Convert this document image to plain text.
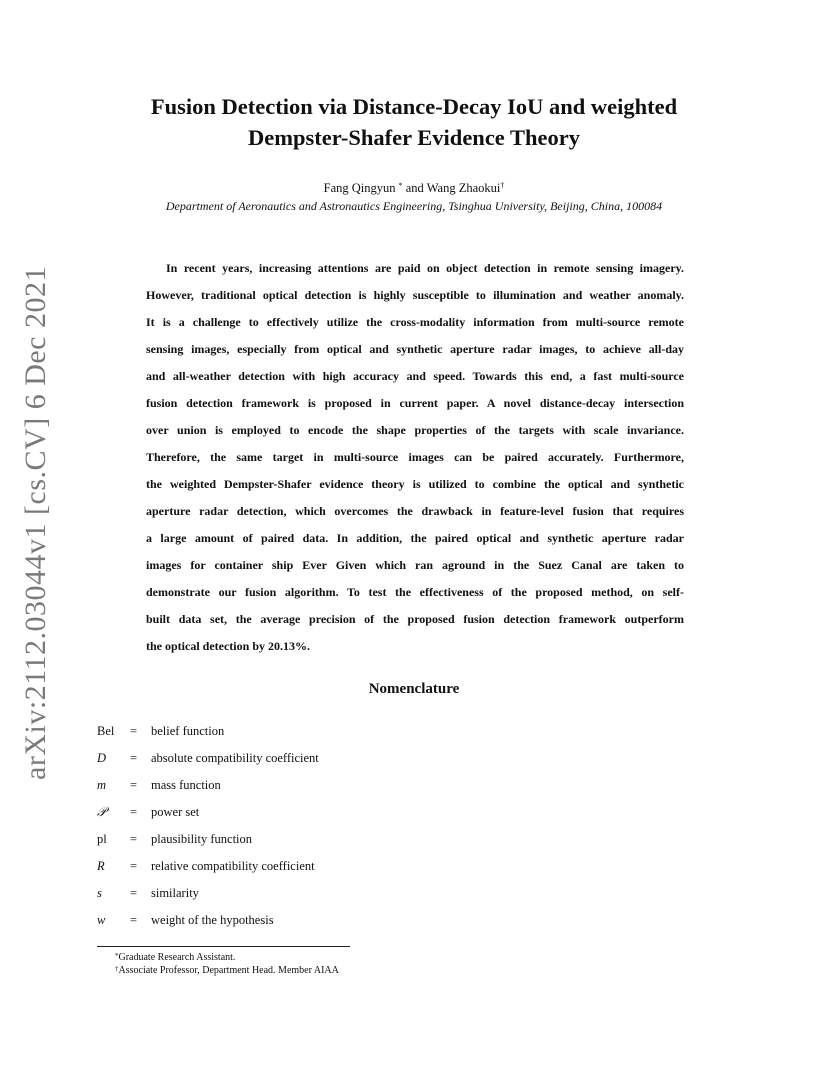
arXiv:2112.03044v1 [cs.CV] 6 Dec 2021
Fusion Detection via Distance-Decay IoU and weighted
Dempster-Shafer Evidence Theory
Fang Qingyun * and Wang Zhaokui†
Department of Aeronautics and Astronautics Engineering, Tsinghua University, Beijing, China, 100084
In recent years, increasing attentions are paid on object detection in remote sensing imagery.
However, traditional optical detection is highly susceptible to illumination and weather anomaly.
It is a challenge to effectively utilize the cross-modality information from multi-source remote
sensing images, especially from optical and synthetic aperture radar images, to achieve all-day
and all-weather detection with high accuracy and speed. Towards this end, a fast multi-source
fusion detection framework is proposed in current paper. A novel distance-decay intersection
over union is employed to encode the shape properties of the targets with scale invariance.
Therefore, the same target in multi-source images can be paired accurately. Furthermore,
the weighted Dempster-Shafer evidence theory is utilized to combine the optical and synthetic
aperture radar detection, which overcomes the drawback in feature-level fusion that requires
a large amount of paired data. In addition, the paired optical and synthetic aperture radar
images for container ship Ever Given which ran aground in the Suez Canal are taken to
demonstrate our fusion algorithm. To test the effectiveness of the proposed method, on self-
built data set, the average precision of the proposed fusion detection framework outperform
the optical detection by 20.13%.
Nomenclature
Bel	= belief function
D	= absolute compatibility coefficient
m	= mass function
𝒫	= power set
pl	= plausibility function
R	= relative compatibility coefficient
s	= similarity
w	= weight of the hypothesis
*Graduate Research Assistant.
†Associate Professor, Department Head. Member AIAA
